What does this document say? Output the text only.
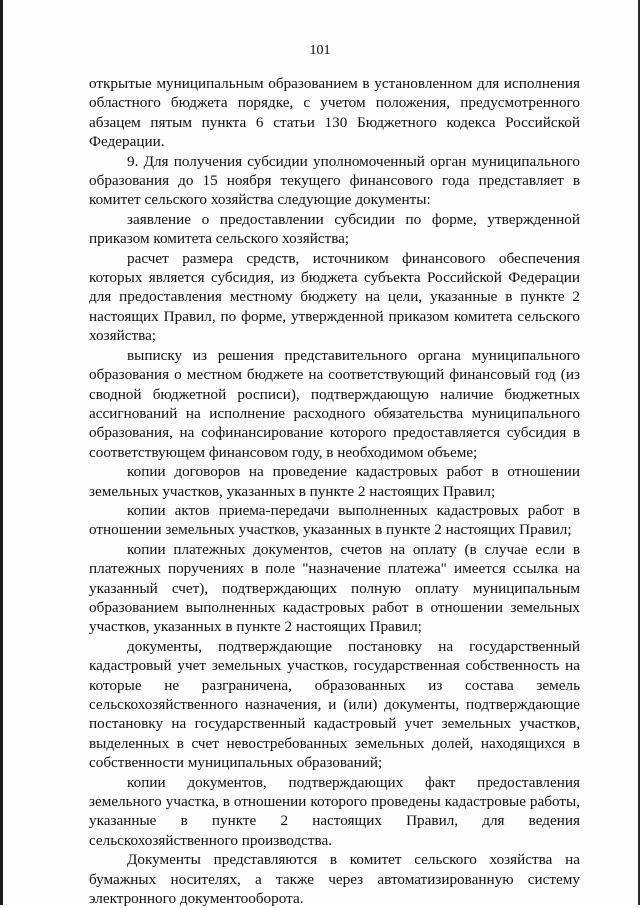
101

открытые муниципальным образованием в установленном для исполнения областного бюджета порядке, с учетом положения, предусмотренного абзацем пятым пункта 6 статьи 130 Бюджетного кодекса Российской Федерации.

9. Для получения субсидии уполномоченный орган муниципального образования до 15 ноября текущего финансового года представляет в комитет сельского хозяйства следующие документы:

заявление о предоставлении субсидии по форме, утвержденной приказом комитета сельского хозяйства;

расчет размера средств, источником финансового обеспечения которых является субсидия, из бюджета субъекта Российской Федерации для предоставления местному бюджету на цели, указанные в пункте 2 настоящих Правил, по форме, утвержденной приказом комитета сельского хозяйства;

выписку из решения представительного органа муниципального образования о местном бюджете на соответствующий финансовый год (из сводной бюджетной росписи), подтверждающую наличие бюджетных ассигнований на исполнение расходного обязательства муниципального образования, на софинансирование которого предоставляется субсидия в соответствующем финансовом году, в необходимом объеме;

копии договоров на проведение кадастровых работ в отношении земельных участков, указанных в пункте 2 настоящих Правил;

копии актов приема-передачи выполненных кадастровых работ в отношении земельных участков, указанных в пункте 2 настоящих Правил;

копии платежных документов, счетов на оплату (в случае если в платежных поручениях в поле "назначение платежа" имеется ссылка на указанный счет), подтверждающих полную оплату муниципальным образованием выполненных кадастровых работ в отношении земельных участков, указанных в пункте 2 настоящих Правил;

документы, подтверждающие постановку на государственный кадастровый учет земельных участков, государственная собственность на которые не разграничена, образованных из состава земель сельскохозяйственного назначения, и (или) документы, подтверждающие постановку на государственный кадастровый учет земельных участков, выделенных в счет невостребованных земельных долей, находящихся в собственности муниципальных образований;

копии документов, подтверждающих факт предоставления земельного участка, в отношении которого проведены кадастровые работы, указанные в пункте 2 настоящих Правил, для ведения сельскохозяйственного производства.

Документы представляются в комитет сельского хозяйства на бумажных носителях, а также через автоматизированную систему электронного документооборота.
